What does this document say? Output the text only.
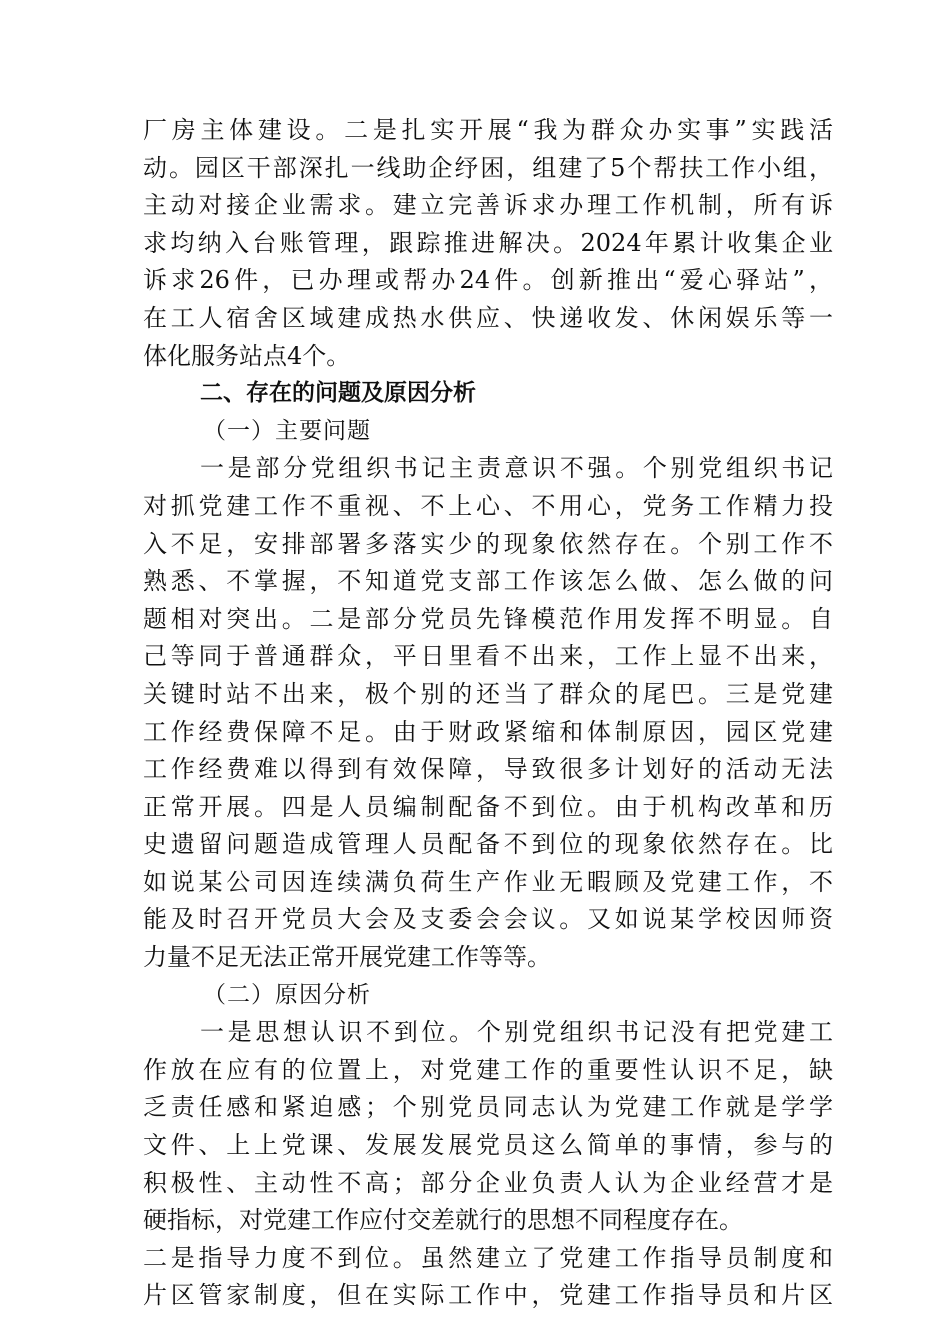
厂房主体建设。二是扎实开展“我为群众办实事”实践活
动。园区干部深扎一线助企纾困，组建了5个帮扶工作小组，
主动对接企业需求。建立完善诉求办理工作机制，所有诉
求均纳入台账管理，跟踪推进解决。2024年累计收集企业
诉求26件，已办理或帮办24件。创新推出“爱心驿站”，
在工人宿舍区域建成热水供应、快递收发、休闲娱乐等一
体化服务站点4个。
二、存在的问题及原因分析
（一）主要问题
一是部分党组织书记主责意识不强。个别党组织书记
对抓党建工作不重视、不上心、不用心，党务工作精力投
入不足，安排部署多落实少的现象依然存在。个别工作不
熟悉、不掌握，不知道党支部工作该怎么做、怎么做的问
题相对突出。二是部分党员先锋模范作用发挥不明显。自
己等同于普通群众，平日里看不出来，工作上显不出来，
关键时站不出来，极个别的还当了群众的尾巴。三是党建
工作经费保障不足。由于财政紧缩和体制原因，园区党建
工作经费难以得到有效保障，导致很多计划好的活动无法
正常开展。四是人员编制配备不到位。由于机构改革和历
史遗留问题造成管理人员配备不到位的现象依然存在。比
如说某公司因连续满负荷生产作业无暇顾及党建工作，不
能及时召开党员大会及支委会会议。又如说某学校因师资
力量不足无法正常开展党建工作等等。
（二）原因分析
一是思想认识不到位。个别党组织书记没有把党建工
作放在应有的位置上，对党建工作的重要性认识不足，缺
乏责任感和紧迫感；个别党员同志认为党建工作就是学学
文件、上上党课、发展发展党员这么简单的事情，参与的
积极性、主动性不高；部分企业负责人认为企业经营才是
硬指标，对党建工作应付交差就行的思想不同程度存在。
二是指导力度不到位。虽然建立了党建工作指导员制度和
片区管家制度，但在实际工作中，党建工作指导员和片区
